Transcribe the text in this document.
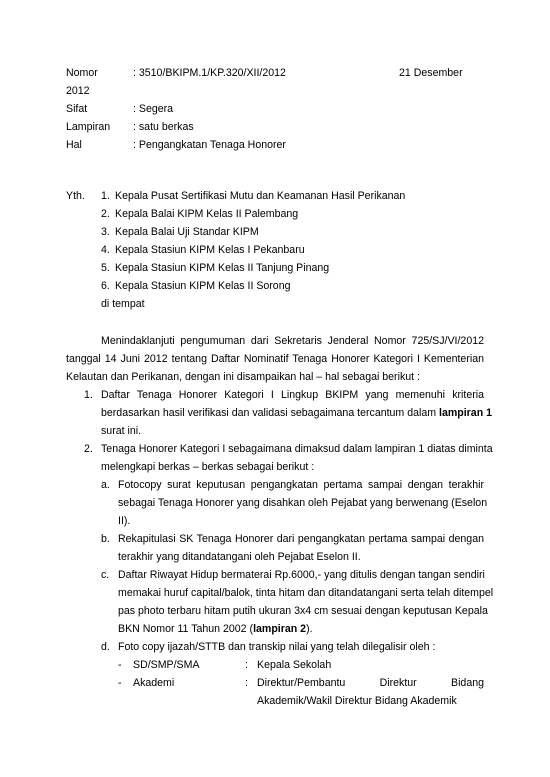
Nomor	: 3510/BKIPM.1/KP.320/XII/2012	21 Desember
2012
Sifat	: Segera
Lampiran : satu berkas
Hal	: Pengangkatan Tenaga Honorer
Yth. 1. Kepala Pusat Sertifikasi Mutu dan Keamanan Hasil Perikanan
2. Kepala Balai KIPM Kelas II Palembang
3. Kepala Balai Uji Standar KIPM
4. Kepala Stasiun KIPM Kelas I Pekanbaru
5. Kepala Stasiun KIPM Kelas II Tanjung Pinang
6. Kepala Stasiun KIPM Kelas II Sorong
di tempat
Menindaklanjuti pengumuman dari Sekretaris Jenderal Nomor 725/SJ/VI/2012
tanggal 14 Juni 2012 tentang Daftar Nominatif Tenaga Honorer Kategori I Kementerian
Kelautan dan Perikanan, dengan ini disampaikan hal – hal sebagai berikut :
1. Daftar Tenaga Honorer Kategori I Lingkup BKIPM yang memenuhi kriteria
berdasarkan hasil verifikasi dan validasi sebagaimana tercantum dalam lampiran 1
surat ini.
2. Tenaga Honorer Kategori I sebagaimana dimaksud dalam lampiran 1 diatas diminta
melengkapi berkas – berkas sebagai berikut :
a. Fotocopy surat keputusan pengangkatan pertama sampai dengan terakhir
sebagai Tenaga Honorer yang disahkan oleh Pejabat yang berwenang (Eselon
II).
b. Rekapitulasi SK Tenaga Honorer dari pengangkatan pertama sampai dengan
terakhir yang ditandatangani oleh Pejabat Eselon II.
c. Daftar Riwayat Hidup bermaterai Rp.6000,- yang ditulis dengan tangan sendiri
memakai huruf capital/balok, tinta hitam dan ditandatangani serta telah ditempel
pas photo terbaru hitam putih ukuran 3x4 cm sesuai dengan keputusan Kepala
BKN Nomor 11 Tahun 2002 (lampiran 2).
d. Foto copy ijazah/STTB dan transkip nilai yang telah dilegalisir oleh :
- SD/SMP/SMA	: Kepala Sekolah
- Akademi	: Direktur/Pembantu Direktur Bidang
Akademik/Wakil Direktur Bidang Akademik
